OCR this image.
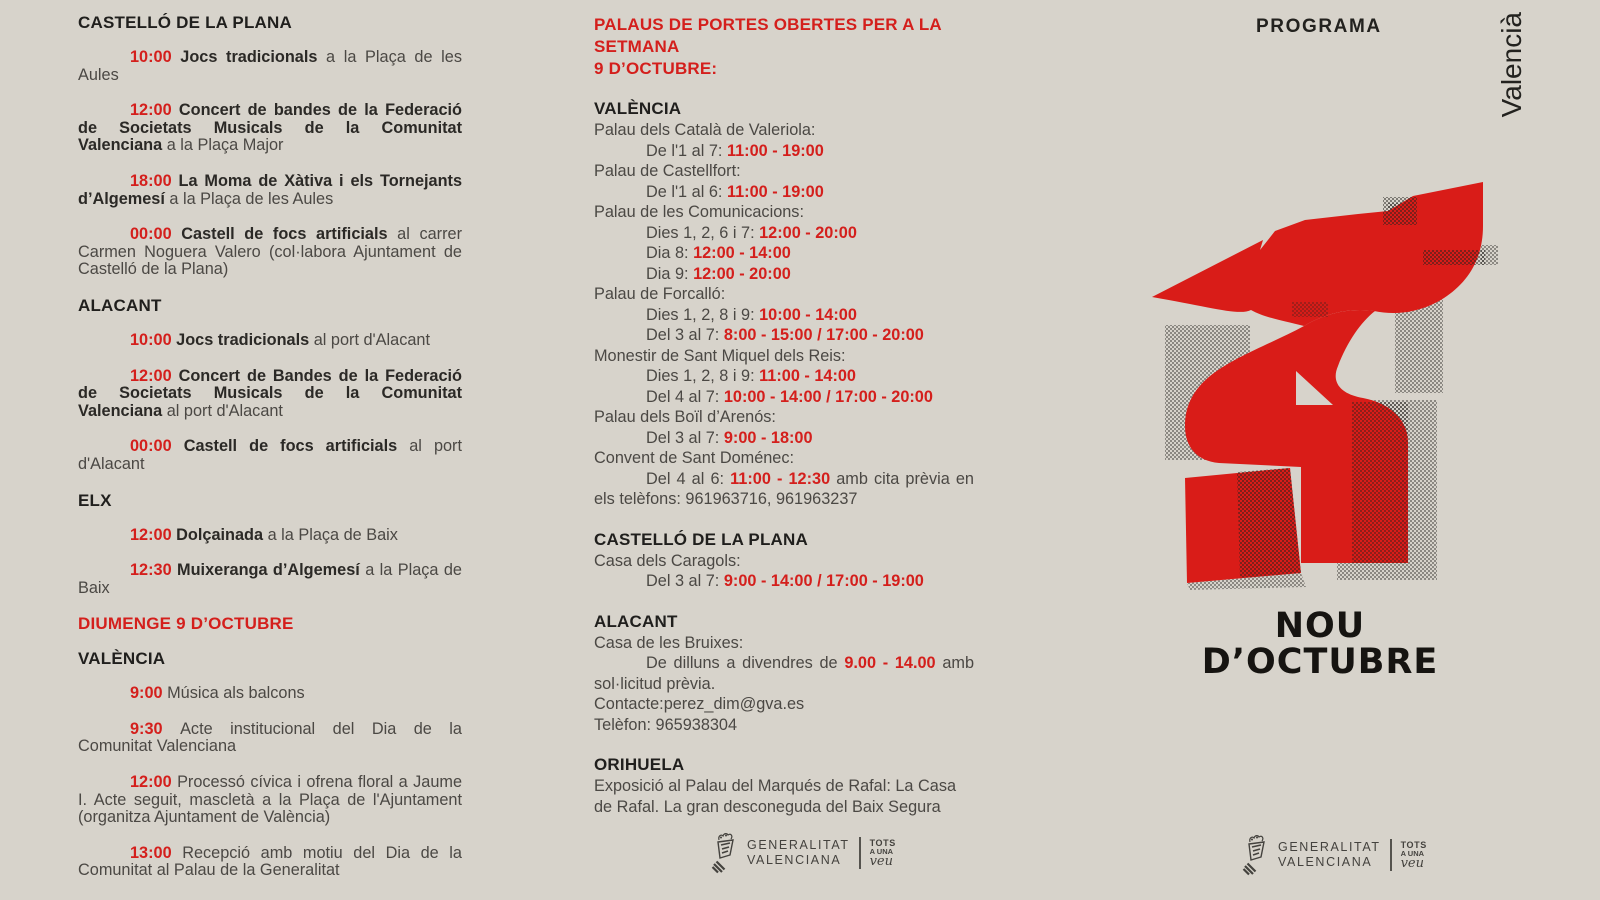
CASTELLÓ DE LA PLANA

10:00 Jocs tradicionals a la Plaça de les Aules

12:00 Concert de bandes de la Federació de Societats Musicals de la Comunitat Valenciana a la Plaça Major

18:00 La Moma de Xàtiva i els Tornejants d’Algemesí a la Plaça de les Aules

00:00 Castell de focs artificials al carrer Carmen Noguera Valero (col·labora Ajuntament de Castelló de la Plana)

ALACANT

10:00 Jocs tradicionals al port d'Alacant

12:00 Concert de Bandes de la Federació de Societats Musicals de la Comunitat Valenciana al port d'Alacant

00:00 Castell de focs artificials al port d'Alacant

ELX

12:00 Dolçainada a la Plaça de Baix

12:30 Muixeranga d’Algemesí a la Plaça de Baix

DIUMENGE 9 D’OCTUBRE
VALÈNCIA

9:00 Música als balcons

9:30 Acte institucional del Dia de la Comunitat Valenciana

12:00 Processó cívica i ofrena floral a Jaume I. Acte seguit, mascletà a la Plaça de l'Ajuntament (organitza Ajuntament de València)

13:00 Recepció amb motiu del Dia de la Comunitat al Palau de la Generalitat

PALAUS DE PORTES OBERTES PER A LA SETMANA
9 D’OCTUBRE:
VALÈNCIA
Palau dels Català de Valeriola:

De l'1 al 7: 11:00 - 19:00

Palau de Castellfort:

De l'1 al 6: 11:00 - 19:00

Palau de les Comunicacions:

Dies 1, 2, 6 i 7: 12:00 - 20:00

Dia 8: 12:00 - 14:00

Dia 9: 12:00 - 20:00

Palau de Forcalló:

Dies 1, 2, 8 i 9: 10:00 - 14:00

Del 3 al 7: 8:00 - 15:00 / 17:00 - 20:00

Monestir de Sant Miquel dels Reis:

Dies 1, 2, 8 i 9: 11:00 - 14:00

Del 4 al 7: 10:00 - 14:00 / 17:00 - 20:00

Palau dels Boïl d’Arenós:

Del 3 al 7: 9:00 - 18:00

Convent de Sant Doménec:

Del 4 al 6: 11:00 - 12:30 amb cita prèvia en els telèfons: 961963716, 961963237

CASTELLÓ DE LA PLANA
Casa dels Caragols:

Del 3 al 7: 9:00 - 14:00 / 17:00 - 19:00

ALACANT
Casa de les Bruixes:

De dilluns a divendres de 9.00 - 14.00 amb sol·licitud prèvia.

Contacte:perez_dim@gva.es
Telèfon: 965938304
ORIHUELA

Exposició al Palau del Marqués de Rafal: La Casa de Rafal. La gran desconeguda del Baix Segura

PROGRAMA	Valencià
NOU
D’OCTUBRE
GENERALITAT
VALENCIANA
TOTS
A UNA
veu
GENERALITAT
VALENCIANA
TOTS
A UNA
veu
